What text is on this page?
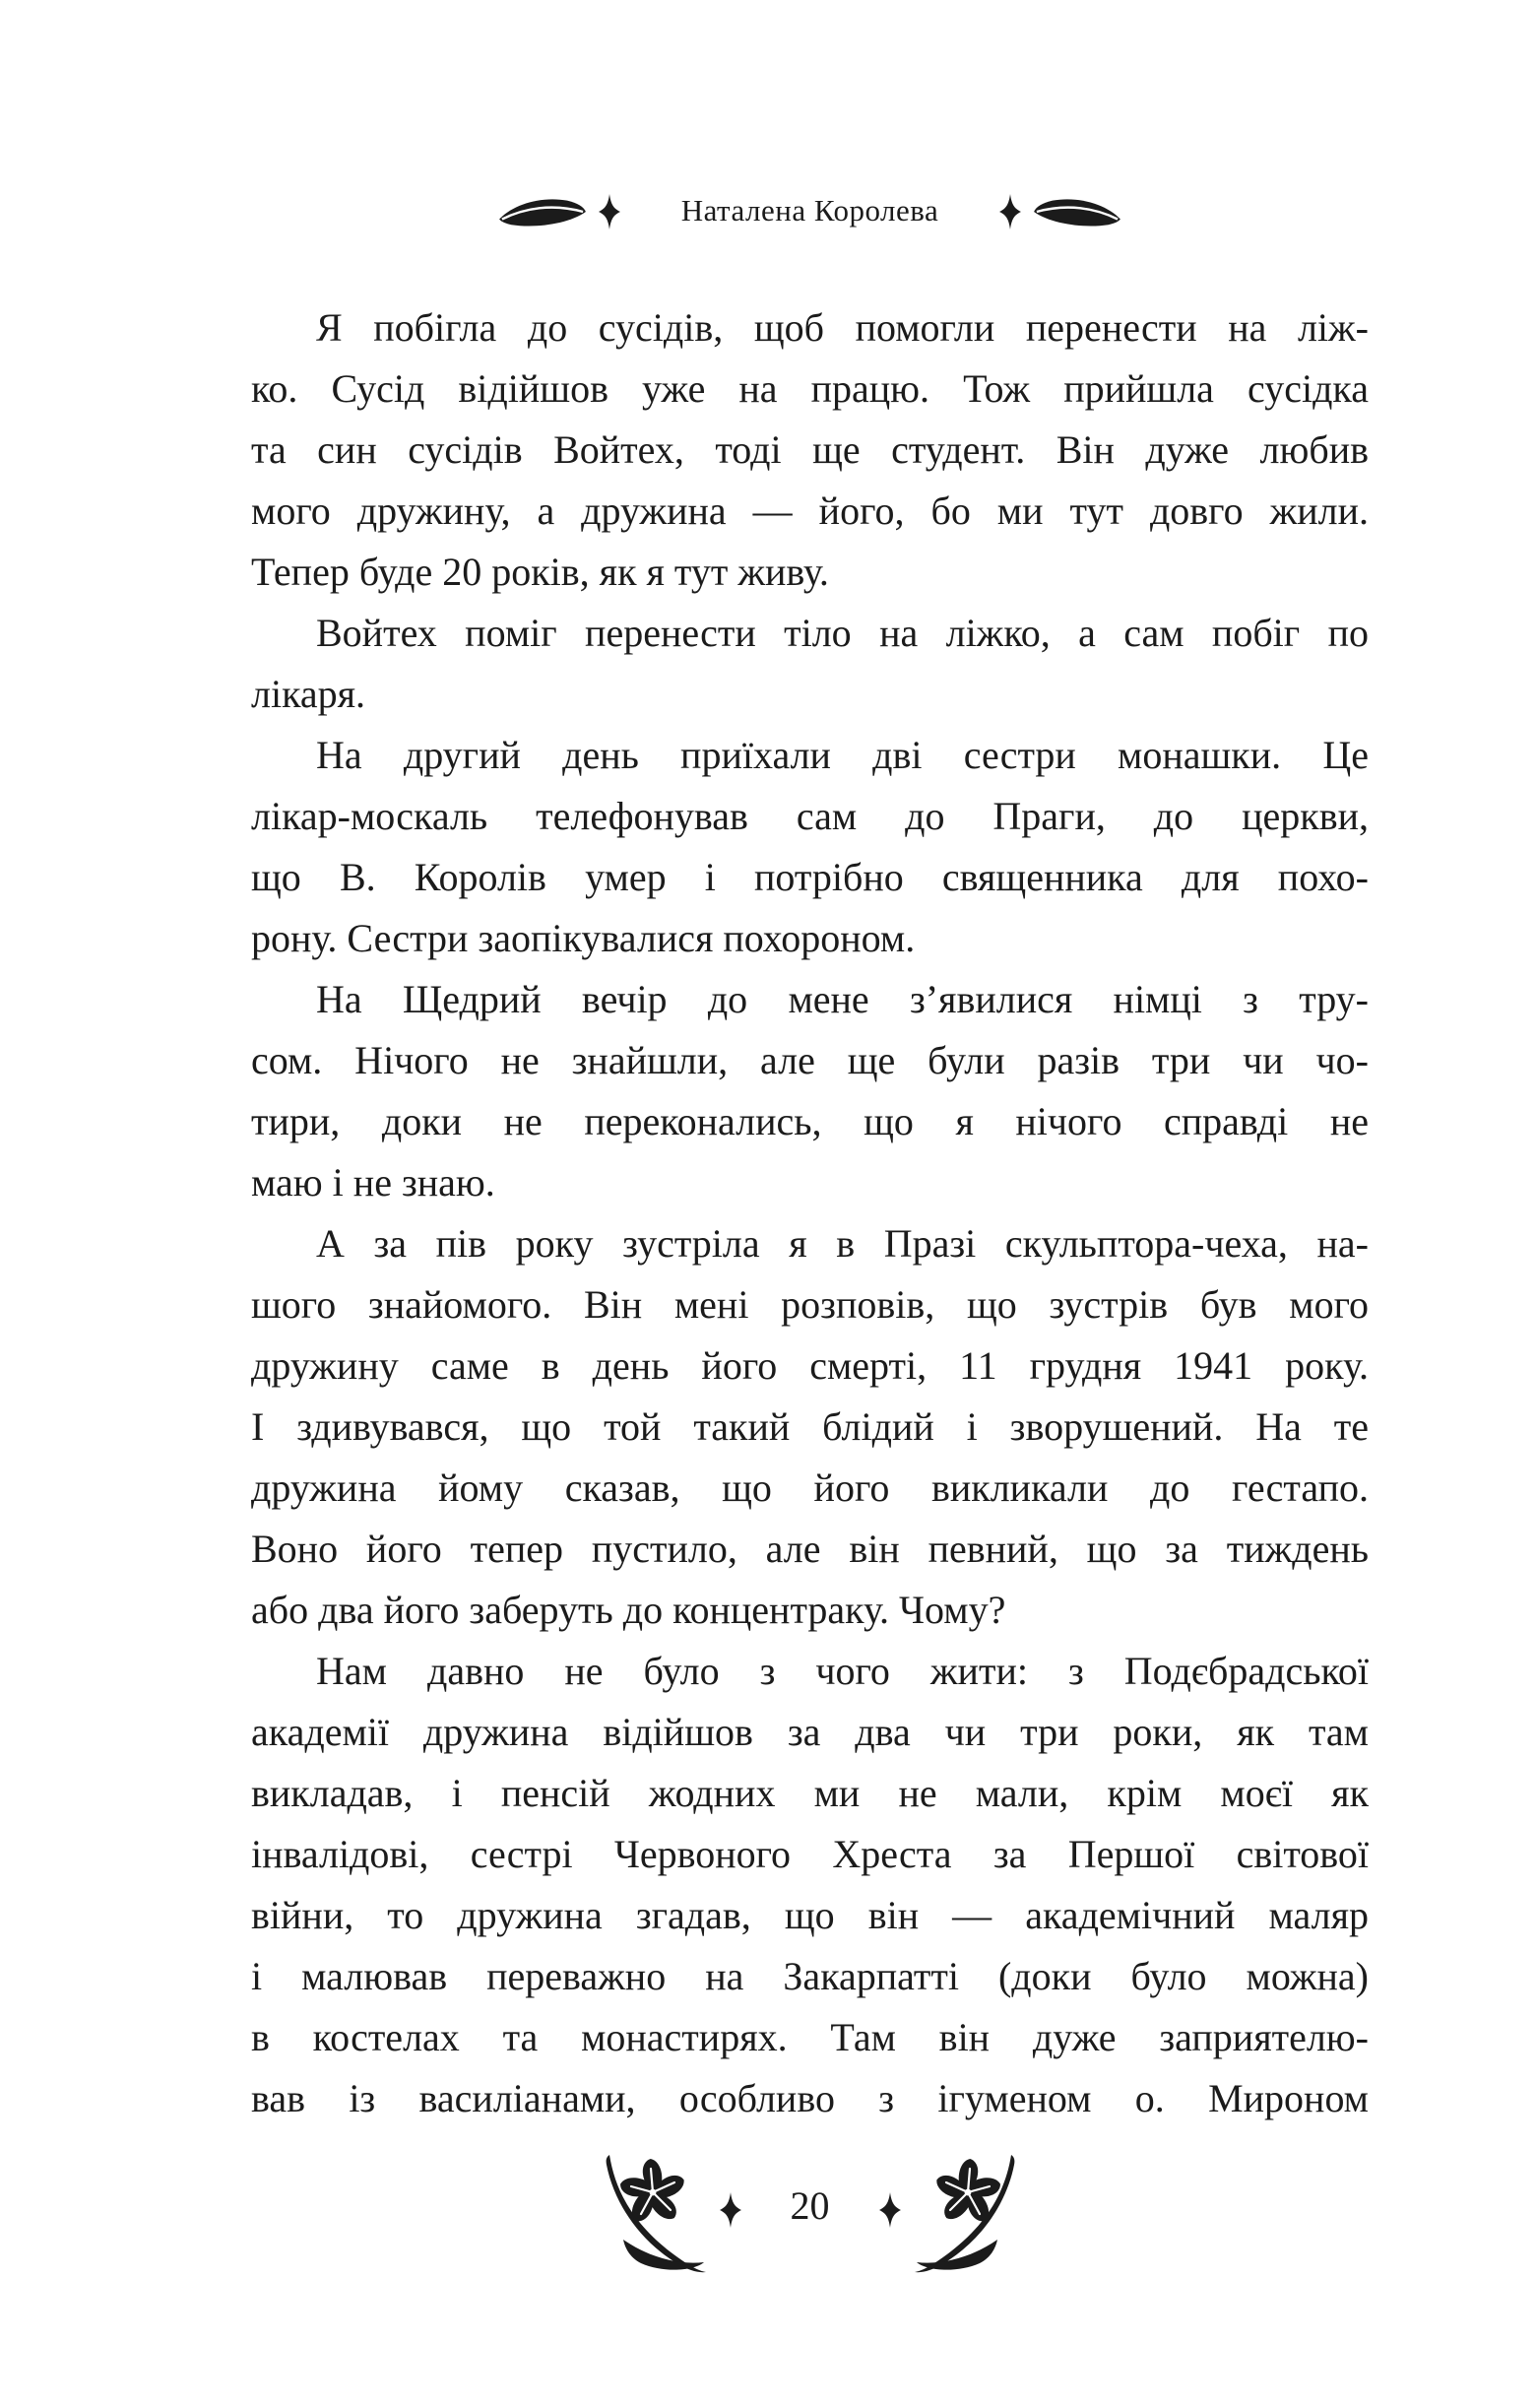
Наталена Королева
Я побігла до сусідів, щоб помогли перенести на ліж-
ко. Сусід відійшов уже на працю. Тож прийшла сусідка
та син сусідів Войтех, тоді ще студент. Він дуже любив
мого дружину, а дружина — його, бо ми тут довго жили.
Тепер буде 20 років, як я тут живу.
Войтех поміг перенести тіло на ліжко, а сам побіг по
лікаря.
На другий день приїхали дві сестри монашки. Це
лікар-москаль телефонував сам до Праги, до церкви,
що В. Королів умер і потрібно священника для похо-
рону. Сестри заопікувалися похороном.
На Щедрий вечір до мене з’явилися німці з тру-
сом. Нічого не знайшли, але ще були разів три чи чо-
тири, доки не переконались, що я нічого справді не
маю і не знаю.
А за пів року зустріла я в Празі скульптора-чеха, на-
шого знайомого. Він мені розповів, що зустрів був мого
дружину саме в день його смерті, 11 грудня 1941 року.
І здивувався, що той такий блідий і зворушений. На те
дружина йому сказав, що його викликали до гестапо.
Воно його тепер пустило, але він певний, що за тиждень
або два його заберуть до концентраку. Чому?
Нам давно не було з чого жити: з Подєбрадської
академії дружина відійшов за два чи три роки, як там
викладав, і пенсій жодних ми не мали, крім моєї як
інвалідові, сестрі Червоного Хреста за Першої світової
війни, то дружина згадав, що він — академічний маляр
і малював переважно на Закарпатті (доки було можна)
в костелах та монастирях. Там він дуже заприятелю-
вав із василіанами, особливо з ігуменом о. Мироном
20
